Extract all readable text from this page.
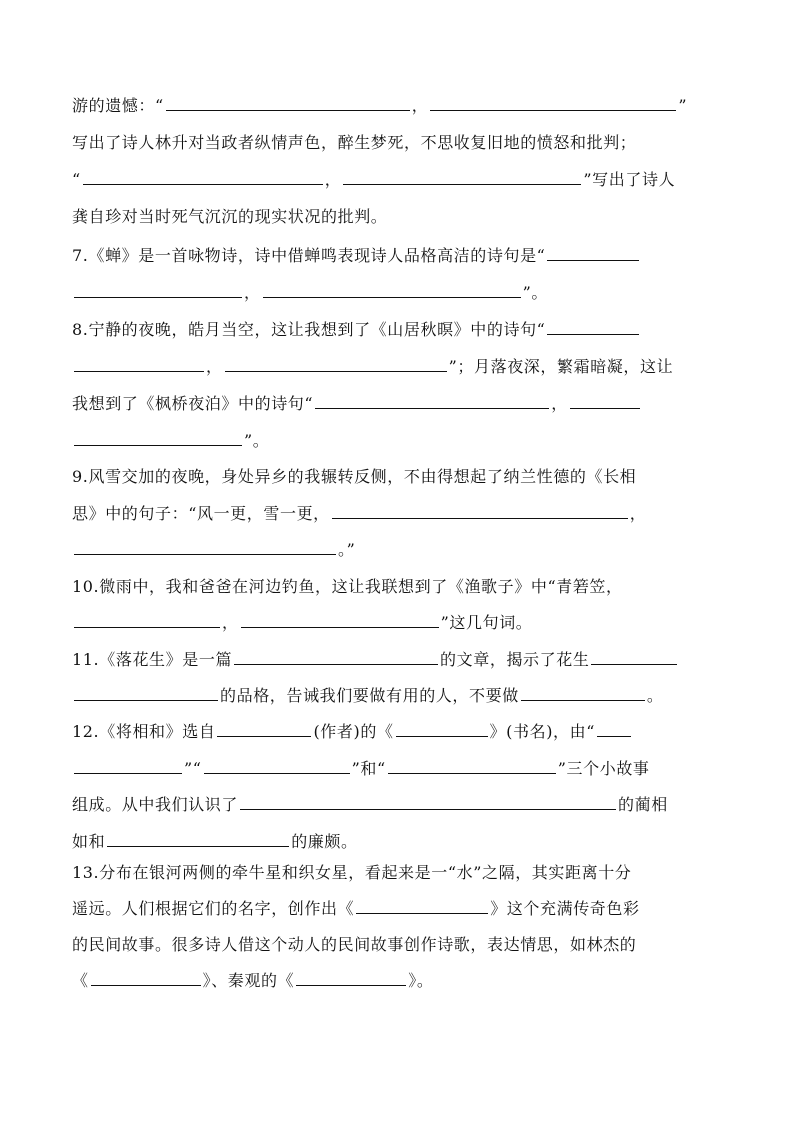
游的遗憾：“	，	”
写出了诗人林升对当政者纵情声色，醉生梦死，不思收复旧地的愤怒和批判；
“	，	”写出了诗人
龚自珍对当时死气沉沉的现实状况的批判。
7.《蝉》是一首咏物诗，诗中借蝉鸣表现诗人品格高洁的诗句是“
，	”。
8.宁静的夜晚，皓月当空，这让我想到了《山居秋暝》中的诗句“
，	”；月落夜深，繁霜暗凝，这让
我想到了《枫桥夜泊》中的诗句“	，
”。
9.风雪交加的夜晚，身处异乡的我辗转反侧，不由得想起了纳兰性德的《长相
思》中的句子：“风一更，雪一更，	，
。”
10.微雨中，我和爸爸在河边钓鱼，这让我联想到了《渔歌子》中“青箬笠，
，	”这几句词。
11.《落花生》是一篇	的文章，揭示了花生
的品格，告诫我们要做有用的人，不要做	。
12.《将相和》选自	(作者)的《	》(书名)，由“
”“	”和“	”三个小故事
组成。从中我们认识了	的蔺相
如和	的廉颇。
13.分布在银河两侧的牵牛星和织女星，看起来是一“水”之隔，其实距离十分
遥远。人们根据它们的名字，创作出《	》这个充满传奇色彩
的民间故事。很多诗人借这个动人的民间故事创作诗歌，表达情思，如林杰的
《	》、秦观的《	》。
